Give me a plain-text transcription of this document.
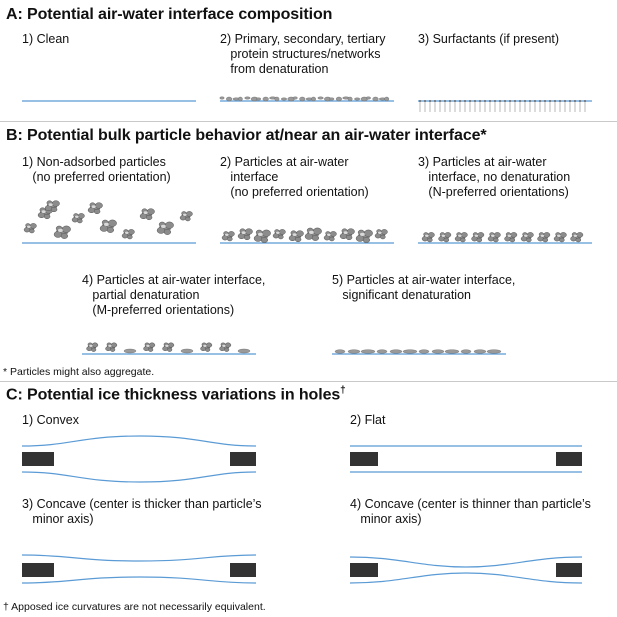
A: Potential air-water interface composition
1) Clean	2) Primary, secondary, tertiary
protein structures/networks
from denaturation
3) Surfactants (if present)
B: Potential bulk particle behavior at/near an air-water interface*
1) Non-adsorbed particles
(no preferred orientation)
2) Particles at air-water
interface
(no preferred orientation)
3) Particles at air-water
interface, no denaturation
(N-preferred orientations)
4) Particles at air-water interface,
partial denaturation
(M-preferred orientations)
5) Particles at air-water interface,
significant denaturation
* Particles might also aggregate.
C: Potential ice thickness variations in holes†
1) Convex	2) Flat
3) Concave (center is thicker than particle’s
minor axis)
4) Concave (center is thinner than particle’s
minor axis)
† Apposed ice curvatures are not necessarily equivalent.
